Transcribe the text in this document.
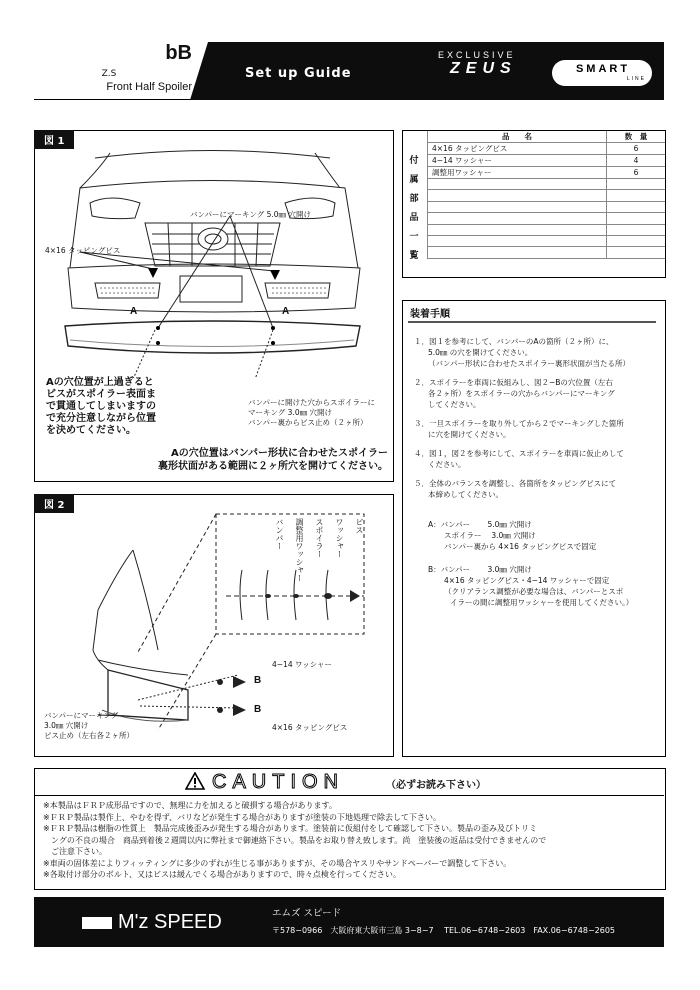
bB
Z.S
Front Half Spoiler
Set up Guide
EXCLUSIVE
ZEUS	SMART
LINE
図 1
バンパーにマーキング 5.0㎜ 穴開け
4×16 タッピングビス
A	A
Aの穴位置が上過ぎると
ビスがスポイラー表面ま
で貫通してしまいますの
で充分注意しながら位置
を決めてください。
バンパーに開けた穴からスポイラーに
マーキング 3.0㎜ 穴開け
バンパー裏からビス止め（２ヶ所）
Aの穴位置はバンパー形状に合わせたスポイラー
裏形状面がある範囲に２ヶ所穴を開けてください。
品　　名	数　量
4×16 タッピングビス	6
4−14 ワッシャー	4
調整用ワッシャー	6

付
属
部
品
一
覧
装着手順
１．図１を参考にして、バンパーのAの箇所（２ヶ所）に、
5.0㎜ の穴を開けてください。
（バンパー形状に合わせたスポイラー裏形状面が当たる所）
２．スポイラーを車両に仮組みし、図２−Bの穴位置（左右
各２ヶ所）をスポイラーの穴からバンパーにマーキング
してください。
３．一旦スポイラーを取り外してから２でマーキングした箇所
に穴を開けてください。
４．図１，図２を参考にして、スポイラーを車両に仮止めして
ください。
５．全体のバランスを調整し、各箇所をタッピングビスにて
本締めしてください。
A：バンパー　　 5.0㎜ 穴開け
スポイラー　 3.0㎜ 穴開け
バンパー裏から 4×16 タッピングビスで固定
B：バンパー　　 3.0㎜ 穴開け
4×16 タッピングビス・4−14 ワッシャーで固定
（クリアランス調整が必要な場合は、バンパーとスポ
イラーの間に調整用ワッシャーを使用してください。）
図 2
ビス
ワッシャー
スポイラー
調整用ワッシャー
バンパー
4−14 ワッシャー
B
B
4×16 タッピングビス
バンパーにマーキング
3.0㎜ 穴開け
ビス止め（左右各２ヶ所）
CAUTION	（必ずお読み下さい）
※本製品はＦＲＰ成形品ですので、無理に力を加えると破損する場合があります。
※ＦＲＰ製品は製作上、やむを得ず、バリなどが発生する場合がありますが塗装の下地処理で除去して下さい。
※ＦＲＰ製品は樹脂の性質上　製品完成後歪みが発生する場合があります。塗装前に仮組付をして確認して下さい。製品の歪み及びトリミ
　ングの不良の場合　商品到着後２週間以内に弊社まで御連絡下さい。製品をお取り替え致します。尚　塗装後の返品は受付できませんので
　ご注意下さい。
※車両の固体差によりフィッティングに多少のずれが生じる事がありますが、その場合ヤスリやサンドペーパーで調整して下さい。
※各取付け部分のボルト、又はビスは緩んでくる場合がありますので、時々点検を行ってください。
M'z SPEED	エムズ スピード
〒578−0966　大阪府東大阪市三島 3−8−7　 TEL.06−6748−2603　FAX.06−6748−2605
